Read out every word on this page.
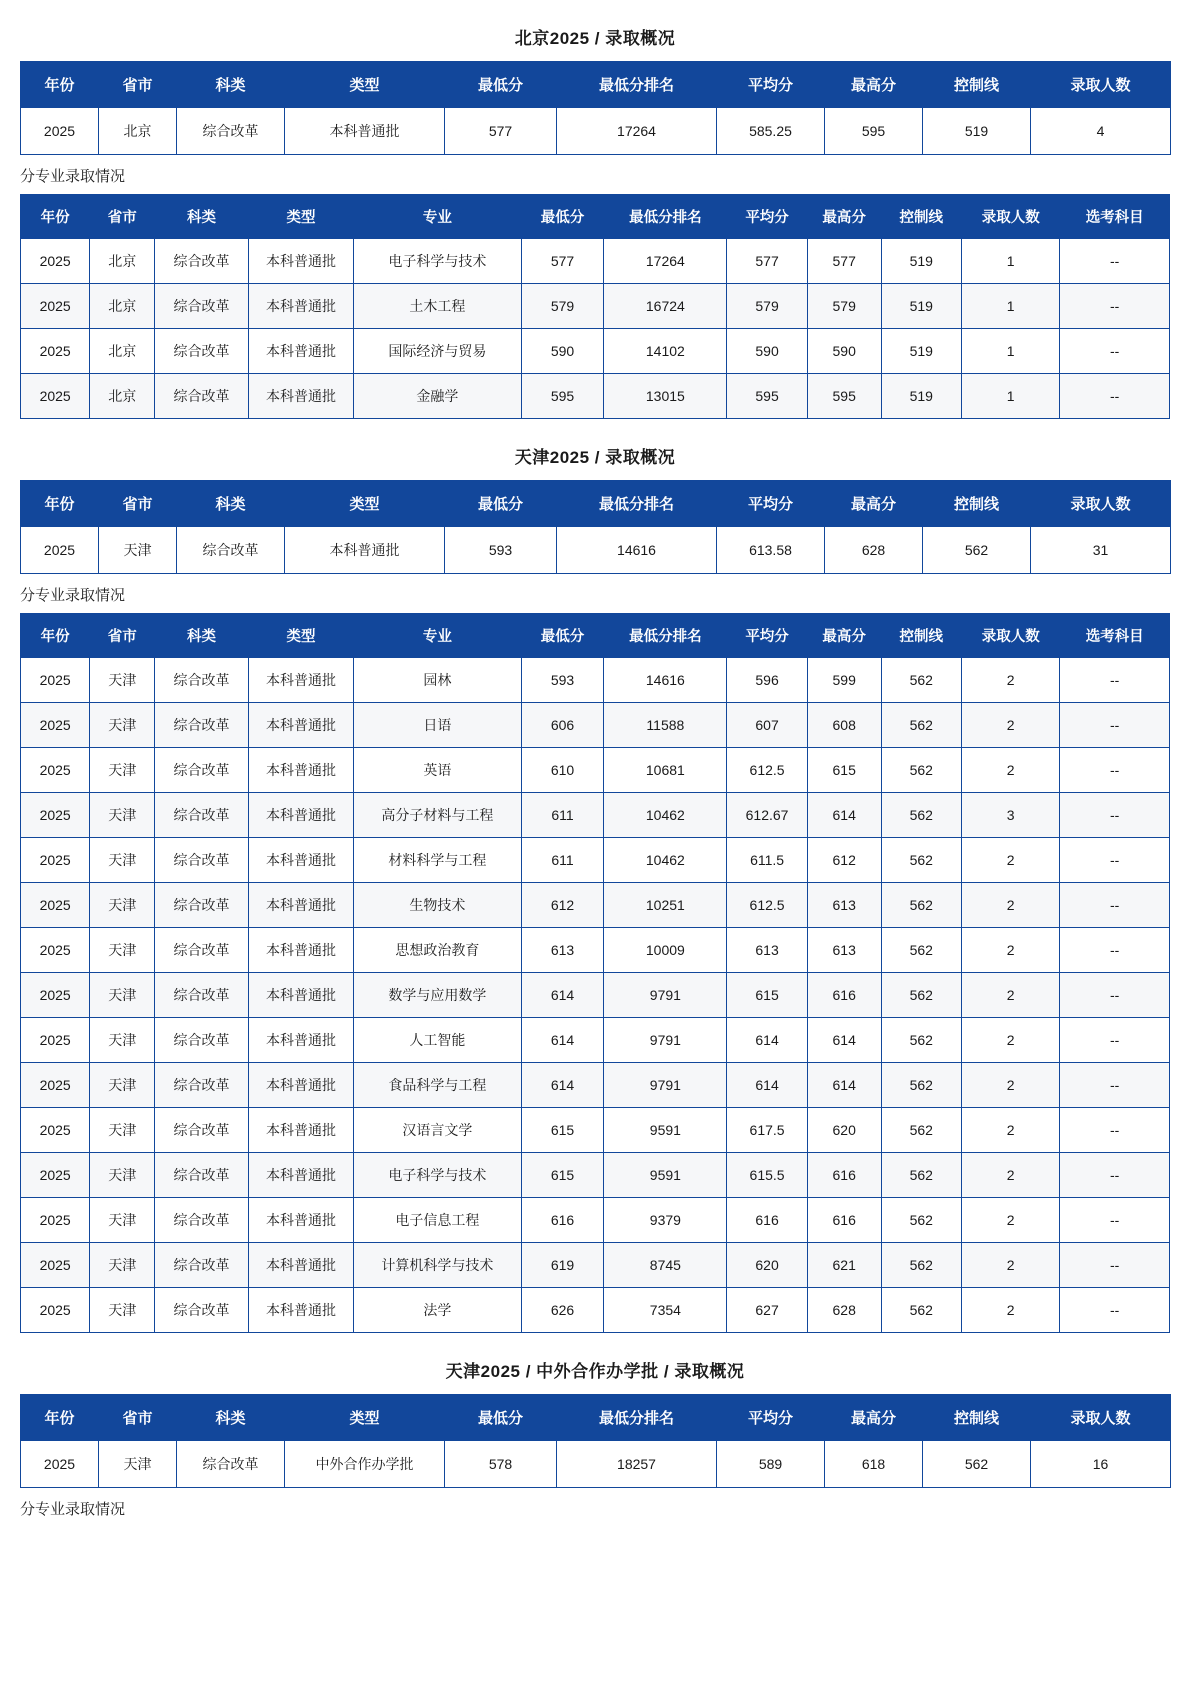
北京2025 / 录取概况
年份	省市	科类	类型	最低分	最低分排名	平均分	最高分	控制线	录取人数
2025	北京	综合改革	本科普通批	577	17264	585.25	595	519	4
分专业录取情况
年份	省市	科类	类型	专业	最低分	最低分排名	平均分	最高分	控制线	录取人数	选考科目
2025	北京	综合改革	本科普通批	电子科学与技术	577	17264	577	577	519	1	--
2025	北京	综合改革	本科普通批	土木工程	579	16724	579	579	519	1	--
2025	北京	综合改革	本科普通批	国际经济与贸易	590	14102	590	590	519	1	--
2025	北京	综合改革	本科普通批	金融学	595	13015	595	595	519	1	--
天津2025 / 录取概况
年份	省市	科类	类型	最低分	最低分排名	平均分	最高分	控制线	录取人数
2025	天津	综合改革	本科普通批	593	14616	613.58	628	562	31
分专业录取情况
年份	省市	科类	类型	专业	最低分	最低分排名	平均分	最高分	控制线	录取人数	选考科目
2025	天津	综合改革	本科普通批	园林	593	14616	596	599	562	2	--
2025	天津	综合改革	本科普通批	日语	606	11588	607	608	562	2	--
2025	天津	综合改革	本科普通批	英语	610	10681	612.5	615	562	2	--
2025	天津	综合改革	本科普通批	高分子材料与工程	611	10462	612.67	614	562	3	--
2025	天津	综合改革	本科普通批	材料科学与工程	611	10462	611.5	612	562	2	--
2025	天津	综合改革	本科普通批	生物技术	612	10251	612.5	613	562	2	--
2025	天津	综合改革	本科普通批	思想政治教育	613	10009	613	613	562	2	--
2025	天津	综合改革	本科普通批	数学与应用数学	614	9791	615	616	562	2	--
2025	天津	综合改革	本科普通批	人工智能	614	9791	614	614	562	2	--
2025	天津	综合改革	本科普通批	食品科学与工程	614	9791	614	614	562	2	--
2025	天津	综合改革	本科普通批	汉语言文学	615	9591	617.5	620	562	2	--
2025	天津	综合改革	本科普通批	电子科学与技术	615	9591	615.5	616	562	2	--
2025	天津	综合改革	本科普通批	电子信息工程	616	9379	616	616	562	2	--
2025	天津	综合改革	本科普通批	计算机科学与技术	619	8745	620	621	562	2	--
2025	天津	综合改革	本科普通批	法学	626	7354	627	628	562	2	--
天津2025 / 中外合作办学批 / 录取概况
年份	省市	科类	类型	最低分	最低分排名	平均分	最高分	控制线	录取人数
2025	天津	综合改革	中外合作办学批	578	18257	589	618	562	16
分专业录取情况
